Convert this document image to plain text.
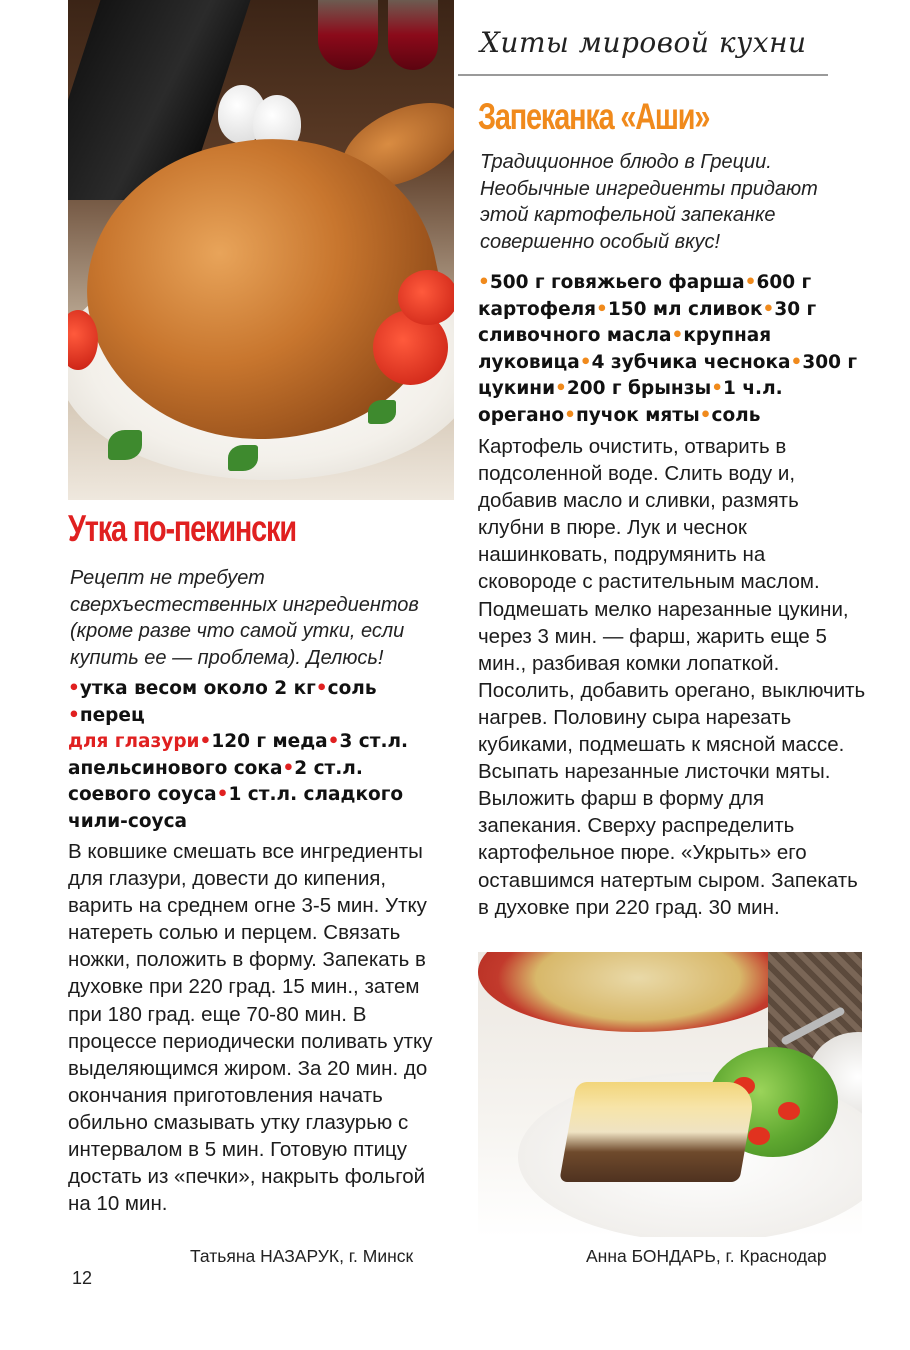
Хиты мировой кухни
Утка по-пекински
Рецепт не требует сверхъестественных ингредиентов (кроме разве что самой утки, если купить ее — проблема). Делюсь!
•утка весом около 2 кг•соль
•перец
для глазури•120 г меда•3 ст.л. апельсинового сока•2 ст.л. соевого соуса•1 ст.л. сладкого чили-соуса
В ковшике смешать все ингредиенты для глазури, довести до кипения, варить на среднем огне 3-5 мин. Утку натереть солью и перцем. Связать ножки, положить в форму. Запекать в духовке при 220 град. 15 мин., затем при 180 град. еще 70-80 мин. В процессе периодически поливать утку выделяющимся жиром. За 20 мин. до окончания приготовления начать обильно смазывать утку глазурью с интервалом в 5 мин. Готовую птицу достать из «печки», накрыть фольгой на 10 мин.
Татьяна НАЗАРУК, г. Минск
Запеканка «Аши»
Традиционное блюдо в Греции. Необычные ингредиенты придают этой картофельной запеканке совершенно особый вкус!
•500 г говяжьего фарша•600 г картофеля•150 мл сливок•30 г сливочного масла•крупная луковица•4 зубчика чеснока•300 г цукини•200 г брынзы•1 ч.л. орегано•пучок мяты•соль
Картофель очистить, отварить в подсоленной воде. Слить воду и, добавив масло и сливки, размять клубни в пюре. Лук и чеснок нашинковать, подрумянить на сковороде с растительным маслом. Подмешать мелко нарезанные цукини, через 3 мин. — фарш, жарить еще 5 мин., разбивая комки лопаткой. Посолить, добавить орегано, выключить нагрев. Половину сыра нарезать кубиками, подмешать к мясной массе. Всыпать нарезанные листочки мяты. Выложить фарш в форму для запекания. Сверху распределить картофельное пюре. «Укрыть» его оставшимся натертым сыром. Запекать в духовке при 220 град. 30 мин.
Анна БОНДАРЬ, г. Краснодар
12
